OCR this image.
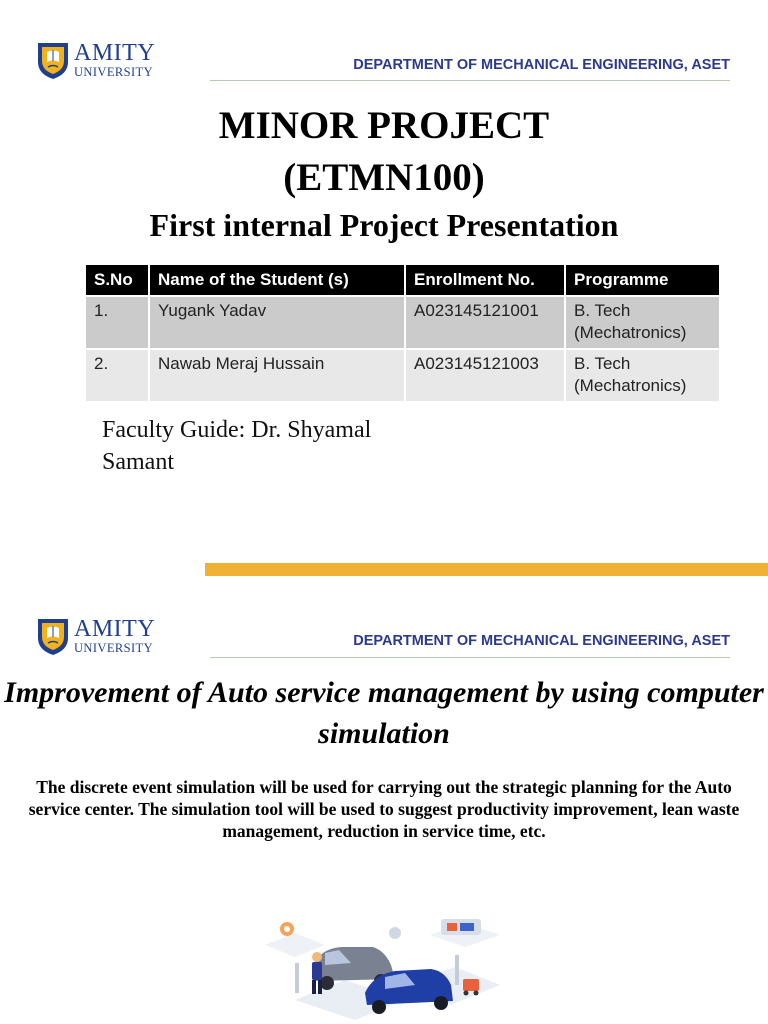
AMITY
UNIVERSITY	DEPARTMENT OF MECHANICAL ENGINEERING, ASET
MINOR PROJECT
(ETMN100)
First internal Project Presentation
S.No	Name of the Student (s)	Enrollment No.	Programme
1.	Yugank Yadav	A023145121001	B. Tech
(Mechatronics)
2.	Nawab Meraj Hussain	A023145121003	B. Tech
(Mechatronics)
Faculty Guide: Dr. Shyamal Samant
AMITY
UNIVERSITY	DEPARTMENT OF MECHANICAL ENGINEERING, ASET
Improvement of Auto service management by using computer simulation
The discrete event simulation will be used for carrying out the strategic planning for the Auto service center. The simulation tool will be used to suggest productivity improvement, lean waste management, reduction in service time, etc.
